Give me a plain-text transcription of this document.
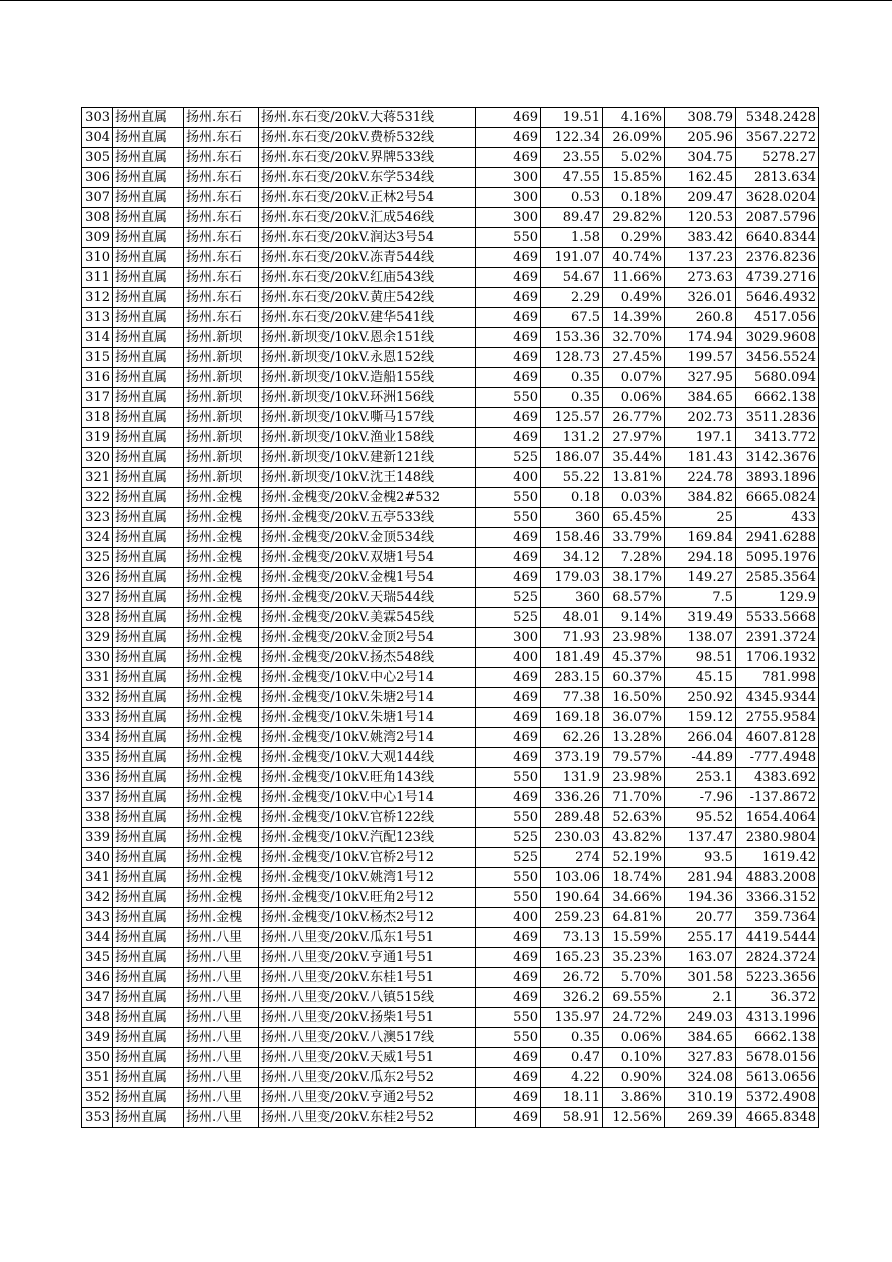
303	扬州直属	扬州.东石	扬州.东石变/20kV.大蒋531线	469	19.51	4.16%	308.79	5348.2428
304	扬州直属	扬州.东石	扬州.东石变/20kV.费桥532线	469	122.34	26.09%	205.96	3567.2272
305	扬州直属	扬州.东石	扬州.东石变/20kV.界牌533线	469	23.55	5.02%	304.75	5278.27
306	扬州直属	扬州.东石	扬州.东石变/20kV.东学534线	300	47.55	15.85%	162.45	2813.634
307	扬州直属	扬州.东石	扬州.东石变/20kV.正林2号54	300	0.53	0.18%	209.47	3628.0204
308	扬州直属	扬州.东石	扬州.东石变/20kV.汇成546线	300	89.47	29.82%	120.53	2087.5796
309	扬州直属	扬州.东石	扬州.东石变/20kV.润达3号54	550	1.58	0.29%	383.42	6640.8344
310	扬州直属	扬州.东石	扬州.东石变/20kV.冻青544线	469	191.07	40.74%	137.23	2376.8236
311	扬州直属	扬州.东石	扬州.东石变/20kV.红庙543线	469	54.67	11.66%	273.63	4739.2716
312	扬州直属	扬州.东石	扬州.东石变/20kV.黄庄542线	469	2.29	0.49%	326.01	5646.4932
313	扬州直属	扬州.东石	扬州.东石变/20kV.建华541线	469	67.5	14.39%	260.8	4517.056
314	扬州直属	扬州.新坝	扬州.新坝变/10kV.恩余151线	469	153.36	32.70%	174.94	3029.9608
315	扬州直属	扬州.新坝	扬州.新坝变/10kV.永恩152线	469	128.73	27.45%	199.57	3456.5524
316	扬州直属	扬州.新坝	扬州.新坝变/10kV.造船155线	469	0.35	0.07%	327.95	5680.094
317	扬州直属	扬州.新坝	扬州.新坝变/10kV.环洲156线	550	0.35	0.06%	384.65	6662.138
318	扬州直属	扬州.新坝	扬州.新坝变/10kV.嘶马157线	469	125.57	26.77%	202.73	3511.2836
319	扬州直属	扬州.新坝	扬州.新坝变/10kV.渔业158线	469	131.2	27.97%	197.1	3413.772
320	扬州直属	扬州.新坝	扬州.新坝变/10kV.建新121线	525	186.07	35.44%	181.43	3142.3676
321	扬州直属	扬州.新坝	扬州.新坝变/10kV.沈王148线	400	55.22	13.81%	224.78	3893.1896
322	扬州直属	扬州.金槐	扬州.金槐变/20kV.金槐2#532	550	0.18	0.03%	384.82	6665.0824
323	扬州直属	扬州.金槐	扬州.金槐变/20kV.五亭533线	550	360	65.45%	25	433
324	扬州直属	扬州.金槐	扬州.金槐变/20kV.金顶534线	469	158.46	33.79%	169.84	2941.6288
325	扬州直属	扬州.金槐	扬州.金槐变/20kV.双塘1号54	469	34.12	7.28%	294.18	5095.1976
326	扬州直属	扬州.金槐	扬州.金槐变/20kV.金槐1号54	469	179.03	38.17%	149.27	2585.3564
327	扬州直属	扬州.金槐	扬州.金槐变/20kV.天瑞544线	525	360	68.57%	7.5	129.9
328	扬州直属	扬州.金槐	扬州.金槐变/20kV.美霖545线	525	48.01	9.14%	319.49	5533.5668
329	扬州直属	扬州.金槐	扬州.金槐变/20kV.金顶2号54	300	71.93	23.98%	138.07	2391.3724
330	扬州直属	扬州.金槐	扬州.金槐变/20kV.扬杰548线	400	181.49	45.37%	98.51	1706.1932
331	扬州直属	扬州.金槐	扬州.金槐变/10kV.中心2号14	469	283.15	60.37%	45.15	781.998
332	扬州直属	扬州.金槐	扬州.金槐变/10kV.朱塘2号14	469	77.38	16.50%	250.92	4345.9344
333	扬州直属	扬州.金槐	扬州.金槐变/10kV.朱塘1号14	469	169.18	36.07%	159.12	2755.9584
334	扬州直属	扬州.金槐	扬州.金槐变/10kV.姚湾2号14	469	62.26	13.28%	266.04	4607.8128
335	扬州直属	扬州.金槐	扬州.金槐变/10kV.大观144线	469	373.19	79.57%	-44.89	-777.4948
336	扬州直属	扬州.金槐	扬州.金槐变/10kV.旺角143线	550	131.9	23.98%	253.1	4383.692
337	扬州直属	扬州.金槐	扬州.金槐变/10kV.中心1号14	469	336.26	71.70%	-7.96	-137.8672
338	扬州直属	扬州.金槐	扬州.金槐变/10kV.官桥122线	550	289.48	52.63%	95.52	1654.4064
339	扬州直属	扬州.金槐	扬州.金槐变/10kV.汽配123线	525	230.03	43.82%	137.47	2380.9804
340	扬州直属	扬州.金槐	扬州.金槐变/10kV.官桥2号12	525	274	52.19%	93.5	1619.42
341	扬州直属	扬州.金槐	扬州.金槐变/10kV.姚湾1号12	550	103.06	18.74%	281.94	4883.2008
342	扬州直属	扬州.金槐	扬州.金槐变/10kV.旺角2号12	550	190.64	34.66%	194.36	3366.3152
343	扬州直属	扬州.金槐	扬州.金槐变/10kV.杨杰2号12	400	259.23	64.81%	20.77	359.7364
344	扬州直属	扬州.八里	扬州.八里变/20kV.瓜东1号51	469	73.13	15.59%	255.17	4419.5444
345	扬州直属	扬州.八里	扬州.八里变/20kV.亨通1号51	469	165.23	35.23%	163.07	2824.3724
346	扬州直属	扬州.八里	扬州.八里变/20kV.东桂1号51	469	26.72	5.70%	301.58	5223.3656
347	扬州直属	扬州.八里	扬州.八里变/20kV.八镇515线	469	326.2	69.55%	2.1	36.372
348	扬州直属	扬州.八里	扬州.八里变/20kV.扬柴1号51	550	135.97	24.72%	249.03	4313.1996
349	扬州直属	扬州.八里	扬州.八里变/20kV.八澳517线	550	0.35	0.06%	384.65	6662.138
350	扬州直属	扬州.八里	扬州.八里变/20kV.天威1号51	469	0.47	0.10%	327.83	5678.0156
351	扬州直属	扬州.八里	扬州.八里变/20kV.瓜东2号52	469	4.22	0.90%	324.08	5613.0656
352	扬州直属	扬州.八里	扬州.八里变/20kV.亨通2号52	469	18.11	3.86%	310.19	5372.4908
353	扬州直属	扬州.八里	扬州.八里变/20kV.东桂2号52	469	58.91	12.56%	269.39	4665.8348
